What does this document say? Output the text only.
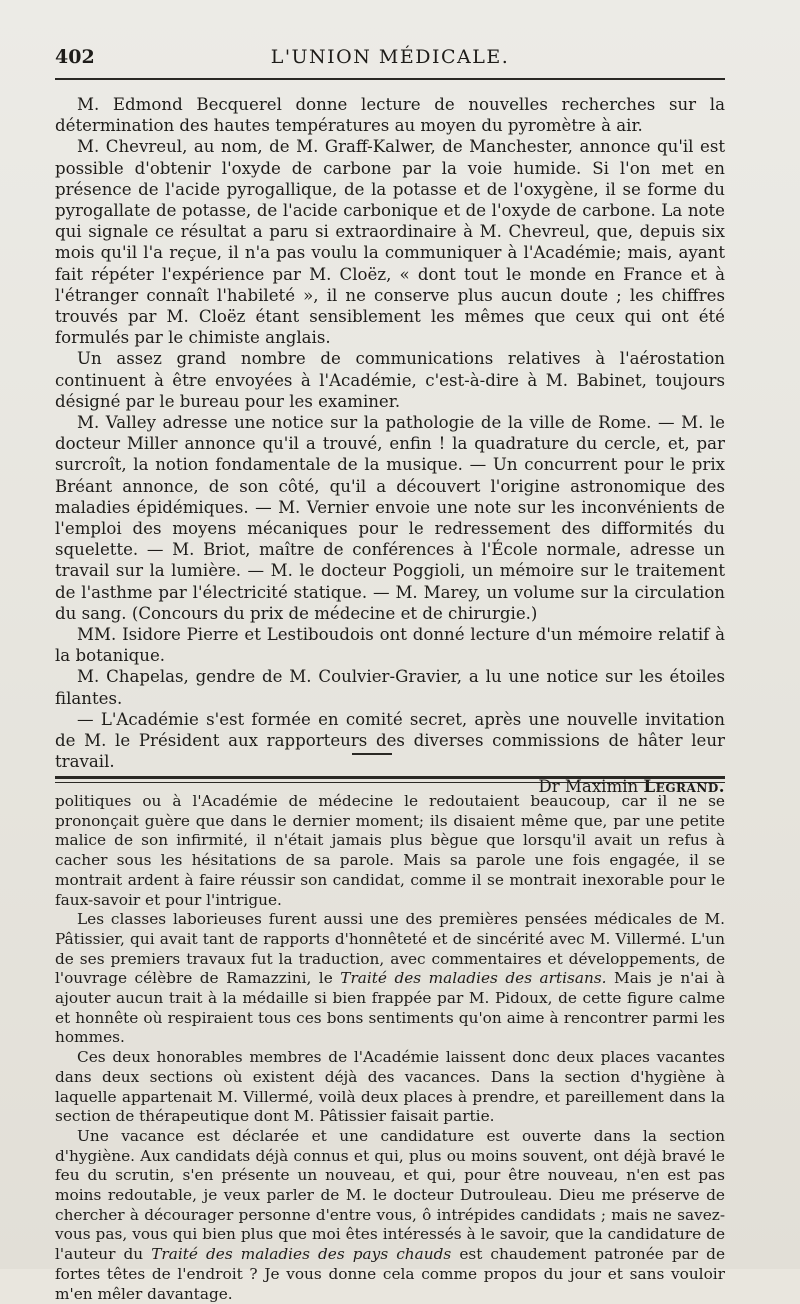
402	L'UNION MÉDICALE.

M. Edmond Becquerel donne lecture de nouvelles recherches sur la détermination des hautes températures au moyen du pyromètre à air.

M. Chevreul, au nom, de M. Graff-Kalwer, de Manchester, annonce qu'il est possible d'obtenir l'oxyde de carbone par la voie humide. Si l'on met en présence de l'acide pyrogallique, de la potasse et de l'oxygène, il se forme du pyrogallate de potasse, de l'acide carbonique et de l'oxyde de carbone. La note qui signale ce résultat a paru si extraordinaire à M. Chevreul, que, depuis six mois qu'il l'a reçue, il n'a pas voulu la communiquer à l'Académie; mais, ayant fait répéter l'expérience par M. Cloëz, « dont tout le monde en France et à l'étranger connaît l'habileté », il ne conserve plus aucun doute ; les chiffres trouvés par M. Cloëz étant sensiblement les mêmes que ceux qui ont été formulés par le chimiste anglais.

Un assez grand nombre de communications relatives à l'aérostation continuent à être envoyées à l'Académie, c'est-à-dire à M. Babinet, toujours désigné par le bureau pour les examiner.

M. Valley adresse une notice sur la pathologie de la ville de Rome. — M. le docteur Miller annonce qu'il a trouvé, enfin ! la quadrature du cercle, et, par surcroît, la notion fondamentale de la musique. — Un concurrent pour le prix Bréant annonce, de son côté, qu'il a découvert l'origine astronomique des maladies épidémiques. — M. Vernier envoie une note sur les inconvénients de l'emploi des moyens mécaniques pour le redressement des difformités du squelette. — M. Briot, maître de conférences à l'École normale, adresse un travail sur la lumière. — M. le docteur Poggioli, un mémoire sur le traitement de l'asthme par l'électricité statique. — M. Marey, un volume sur la circulation du sang. (Concours du prix de médecine et de chirurgie.)

MM. Isidore Pierre et Lestiboudois ont donné lecture d'un mémoire relatif à la botanique.

M. Chapelas, gendre de M. Coulvier-Gravier, a lu une notice sur les étoiles filantes.

— L'Académie s'est formée en comité secret, après une nouvelle invitation de M. le Président aux rapporteurs des diverses commissions de hâter leur travail.

Dr Maximin Legrand.

politiques ou à l'Académie de médecine le redoutaient beaucoup, car il ne se prononçait guère que dans le dernier moment; ils disaient même que, par une petite malice de son infirmité, il n'était jamais plus bègue que lorsqu'il avait un refus à cacher sous les hésitations de sa parole. Mais sa parole une fois engagée, il se montrait ardent à faire réussir son candidat, comme il se montrait inexorable pour le faux-savoir et pour l'intrigue.

Les classes laborieuses furent aussi une des premières pensées médicales de M. Pâtissier, qui avait tant de rapports d'honnêteté et de sincérité avec M. Villermé. L'un de ses premiers travaux fut la traduction, avec commentaires et développements, de l'ouvrage célèbre de Ramazzini, le Traité des maladies des artisans. Mais je n'ai à ajouter aucun trait à la médaille si bien frappée par M. Pidoux, de cette figure calme et honnête où respiraient tous ces bons sentiments qu'on aime à rencontrer parmi les hommes.

Ces deux honorables membres de l'Académie laissent donc deux places vacantes dans deux sections où existent déjà des vacances. Dans la section d'hygiène à laquelle appartenait M. Villermé, voilà deux places à prendre, et pareillement dans la section de thérapeutique dont M. Pâtissier faisait partie.

Une vacance est déclarée et une candidature est ouverte dans la section d'hygiène. Aux candidats déjà connus et qui, plus ou moins souvent, ont déjà bravé le feu du scrutin, s'en présente un nouveau, et qui, pour être nouveau, n'en est pas moins redoutable, je veux parler de M. le docteur Dutrouleau. Dieu me préserve de chercher à décourager personne d'entre vous, ô intrépides candidats ; mais ne savez-vous pas, vous qui bien plus que moi êtes intéressés à le savoir, que la candidature de l'auteur du Traité des maladies des pays chauds est chaudement patronée par de fortes têtes de l'endroit ? Je vous donne cela comme propos du jour et sans vouloir m'en mêler davantage.
